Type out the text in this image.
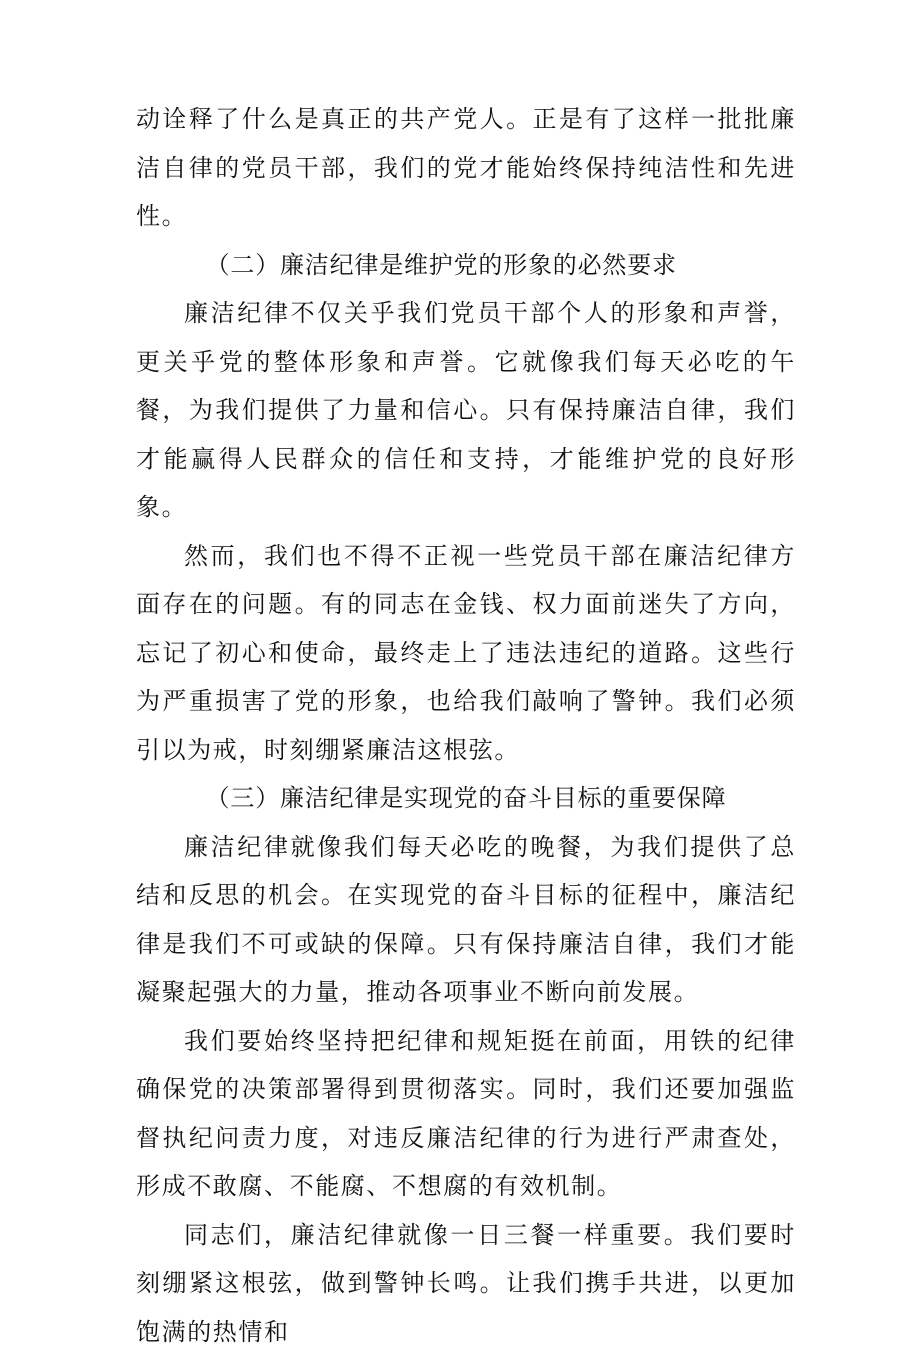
动诠释了什么是真正的共产党人。正是有了这样一批批廉洁自律的党员干部，我们的党才能始终保持纯洁性和先进性。

（二）廉洁纪律是维护党的形象的必然要求

廉洁纪律不仅关乎我们党员干部个人的形象和声誉，更关乎党的整体形象和声誉。它就像我们每天必吃的午餐，为我们提供了力量和信心。只有保持廉洁自律，我们才能赢得人民群众的信任和支持，才能维护党的良好形象。

然而，我们也不得不正视一些党员干部在廉洁纪律方面存在的问题。有的同志在金钱、权力面前迷失了方向，忘记了初心和使命，最终走上了违法违纪的道路。这些行为严重损害了党的形象，也给我们敲响了警钟。我们必须引以为戒，时刻绷紧廉洁这根弦。

（三）廉洁纪律是实现党的奋斗目标的重要保障

廉洁纪律就像我们每天必吃的晚餐，为我们提供了总结和反思的机会。在实现党的奋斗目标的征程中，廉洁纪律是我们不可或缺的保障。只有保持廉洁自律，我们才能凝聚起强大的力量，推动各项事业不断向前发展。

我们要始终坚持把纪律和规矩挺在前面，用铁的纪律确保党的决策部署得到贯彻落实。同时，我们还要加强监督执纪问责力度，对违反廉洁纪律的行为进行严肃查处，形成不敢腐、不能腐、不想腐的有效机制。

同志们，廉洁纪律就像一日三餐一样重要。我们要时刻绷紧这根弦，做到警钟长鸣。让我们携手共进，以更加饱满的热情和
